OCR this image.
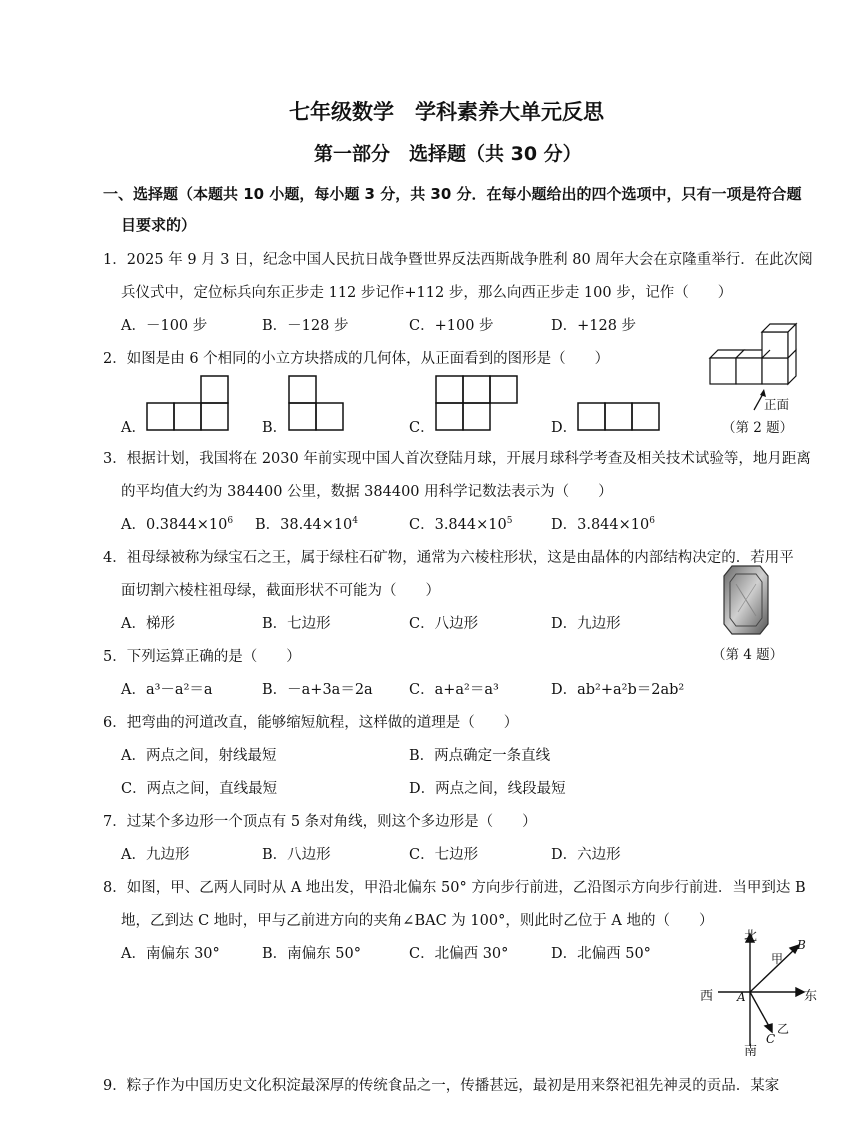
七年级数学　学科素养大单元反思
第一部分　选择题（共 30 分）
一、选择题（本题共 10 小题，每小题 3 分，共 30 分．在每小题给出的四个选项中，只有一项是符合题
目要求的）
1．2025 年 9 月 3 日，纪念中国人民抗日战争暨世界反法西斯战争胜利 80 周年大会在京隆重举行．在此次阅
兵仪式中，定位标兵向东正步走 112 步记作+112 步，那么向西正步走 100 步，记作（　　）
A．－100 步	B．－128 步	C．+100 步	D．+128 步
2．如图是由 6 个相同的小立方块搭成的几何体，从正面看到的图形是（　　）
A．	B．	C．	D．
正面
（第 2 题）
3．根据计划，我国将在 2030 年前实现中国人首次登陆月球，开展月球科学考查及相关技术试验等，地月距离
的平均值大约为 384400 公里，数据 384400 用科学记数法表示为（　　）
A．$0.3844\times 10^6$ B．$38.44\times 10^4$	C．$3.844\times 10^5$	D．$3.844\times 10^6$
4．祖母绿被称为绿宝石之王，属于绿柱石矿物，通常为六棱柱形状，这是由晶体的内部结构决定的．若用平
面切割六棱柱祖母绿，截面形状不可能为（　　）
A．梯形	B．七边形	C．八边形	D．九边形
（第 4 题）
5．下列运算正确的是（　　）
A．a³－a²＝a	B．－a+3a＝2a	C．a+a²＝a³	D．ab²+a²b＝2ab²
6．把弯曲的河道改直，能够缩短航程，这样做的道理是（　　）
A．两点之间，射线最短	B．两点确定一条直线
C．两点之间，直线最短	D．两点之间，线段最短
7．过某个多边形一个顶点有 5 条对角线，则这个多边形是（　　）
A．九边形	B．八边形	C．七边形	D．六边形
8．如图，甲、乙两人同时从 A 地出发，甲沿北偏东 50° 方向步行前进，乙沿图示方向步行前进．当甲到达 B
地，乙到达 C 地时，甲与乙前进方向的夹角∠BAC 为 100°，则此时乙位于 A 地的（　　）
A．南偏东 30°	B．南偏东 50°	C．北偏西 30°	D．北偏西 50°
北
南
东
西 A
B
C
甲
乙
9．粽子作为中国历史文化积淀最深厚的传统食品之一，传播甚远，最初是用来祭祀祖先神灵的贡品．某家
